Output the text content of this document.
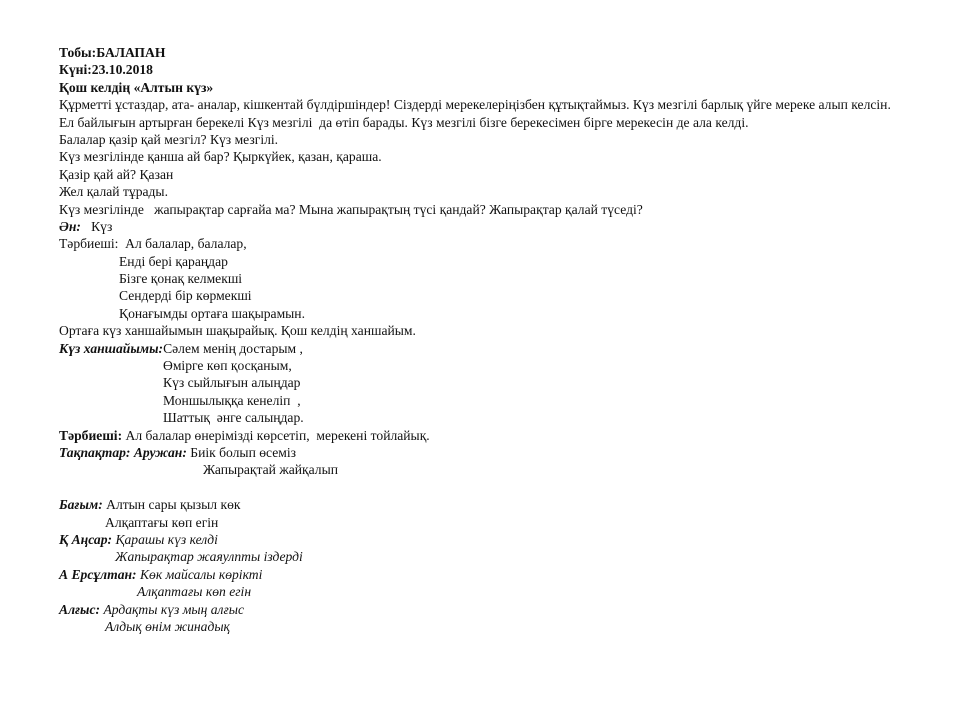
Тобы:БАЛАПАН
Күні:23.10.2018
Қош келдің «Алтын күз»
Құрметті ұстаздар, ата- аналар, кішкентай бүлдіршіндер! Сіздерді мерекелеріңізбен құтықтаймыз. Күз мезгілі барлық үйге мереке алып келсін.
Ел байлығын артырған берекелі Күз мезгілі  да өтіп барады. Күз мезгілі бізге берекесімен бірге мерекесін де ала келді.
Балалар қазір қай мезгіл? Күз мезгілі.
Күз мезгілінде қанша ай бар? Қыркүйек, қазан, қараша.
Қазір қай ай? Қазан
Жел қалай тұрады.
Күз мезгілінде   жапырақтар сарғайа ма? Мына жапырақтың түсі қандай? Жапырақтар қалай түседі?
Ән:   Күз
Тәрбиеші:  Ал балалар, балалар,
Енді бері қараңдар
Бізге қонақ келмекші
Сендерді бір көрмекші
Қонағымды ортаға шақырамын.
Ортаға күз ханшайымын шақырайық. Қош келдің ханшайым.
Күз ханшайымы:Сәлем менің достарым ,
Өмірге көп қосқаным,
Күз сыйлығын алыңдар
Моншылыққа кенеліп  ,
Шаттық  әнге салыңдар.
Тәрбиеші: Ал балалар өнерімізді көрсетіп,  мерекені тойлайық.
Тақпақтар: Аружан: Биік болып өсеміз
Жапырақтай жайқалып
Бағым: Алтын сары қызыл көк
Алқаптағы көп егін
Қ Аңсар: Қарашы күз келді
Жапырақтар жаяулпты іздерді
А Ерсұлтан: Көк майсалы көрікті
Алқаптағы көп егін
Алғыс: Ардақты күз мың алғыс
Алдық өнім жинадық
